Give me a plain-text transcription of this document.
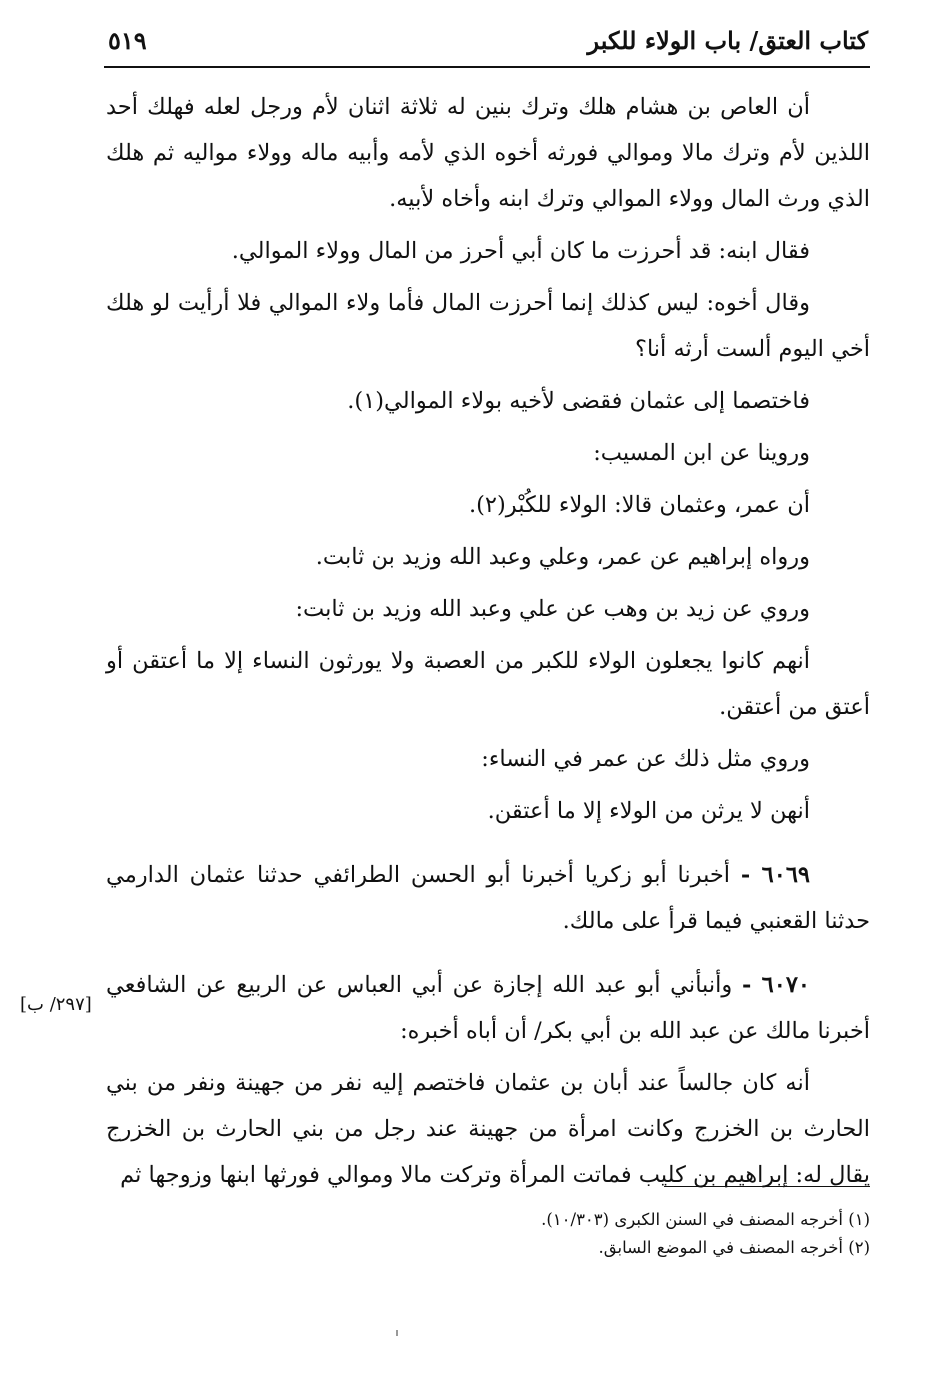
كتاب العتق/ باب الولاء للكبر
٥١٩

أن العاص بن هشام هلك وترك بنين له ثلاثة اثنان لأم ورجل لعله فهلك أحد اللذين لأم وترك مالا وموالي فورثه أخوه الذي لأمه وأبيه ماله وولاء مواليه ثم هلك الذي ورث المال وولاء الموالي وترك ابنه وأخاه لأبيه.

فقال ابنه: قد أحرزت ما كان أبي أحرز من المال وولاء الموالي.

وقال أخوه: ليس كذلك إنما أحرزت المال فأما ولاء الموالي فلا أرأيت لو هلك أخي اليوم ألست أرثه أنا؟

فاختصما إلى عثمان فقضى لأخيه بولاء الموالي(١).

وروينا عن ابن المسيب:

أن عمر، وعثمان قالا: الولاء للكُبْر(٢).

ورواه إبراهيم عن عمر، وعلي وعبد الله وزيد بن ثابت.

وروي عن زيد بن وهب عن علي وعبد الله وزيد بن ثابت:

أنهم كانوا يجعلون الولاء للكبر من العصبة ولا يورثون النساء إلا ما أعتقن أو أعتق من أعتقن.

وروي مثل ذلك عن عمر في النساء:

أنهن لا يرثن من الولاء إلا ما أعتقن.

٦٠٦٩ - أخبرنا أبو زكريا أخبرنا أبو الحسن الطرائفي حدثنا عثمان الدارمي حدثنا القعنبي فيما قرأ على مالك.

٦٠٧٠ - وأنبأني أبو عبد الله إجازة عن أبي العباس عن الربيع عن الشافعي أخبرنا مالك عن عبد الله بن أبي بكر/ أن أباه أخبره:

أنه كان جالساً عند أبان بن عثمان فاختصم إليه نفر من جهينة ونفر من بني الحارث بن الخزرج وكانت امرأة من جهينة عند رجل من بني الحارث بن الخزرج يقال له: إبراهيم بن كليب فماتت المرأة وتركت مالا وموالي فورثها ابنها وزوجها ثم

[٢٩٧/ ب]
(١) أخرجه المصنف في السنن الكبرى (١٠/٣٠٣).
(٢) أخرجه المصنف في الموضع السابق.
